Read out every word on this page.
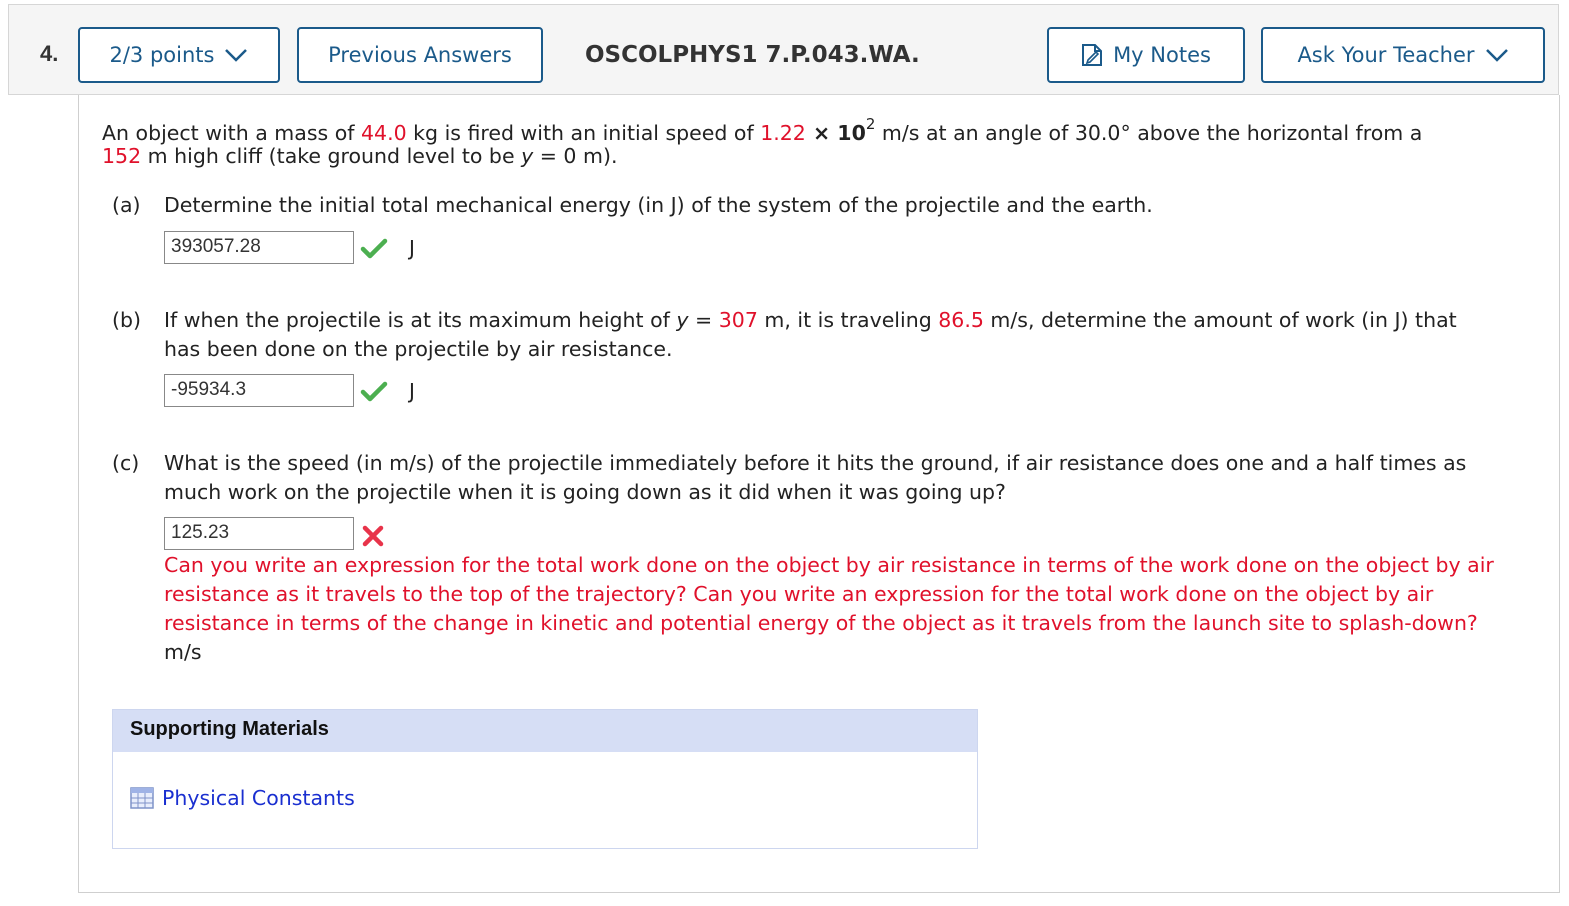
4. 2/3 points	Previous Answers	OSCOLPHYS1 7.P.043.WA.	My Notes	Ask Your Teacher

An object with a mass of 44.0 kg is fired with an initial speed of $1.22 \times 10^2$ m/s at an angle of 30.0° above the horizontal from a

152 m high cliff (take ground level to be y = 0 m).

(a) Determine the initial total mechanical energy (in J) of the system of the projectile and the earth.
393057.28	J
(b) If when the projectile is at its maximum height of y = 307 m, it is traveling 86.5 m/s, determine the amount of work (in J) that

has been done on the projectile by air resistance.
-95934.3	J
(c) What is the speed (in m/s) of the projectile immediately before it hits the ground, if air resistance does one and a half times as
much work on the projectile when it is going down as it did when it was going up?
125.23
Can you write an expression for the total work done on the object by air resistance in terms of the work done on the object by air
resistance as it travels to the top of the trajectory? Can you write an expression for the total work done on the object by air
resistance in terms of the change in kinetic and potential energy of the object as it travels from the launch site to splash-down?
m/s
Supporting Materials
Physical Constants
